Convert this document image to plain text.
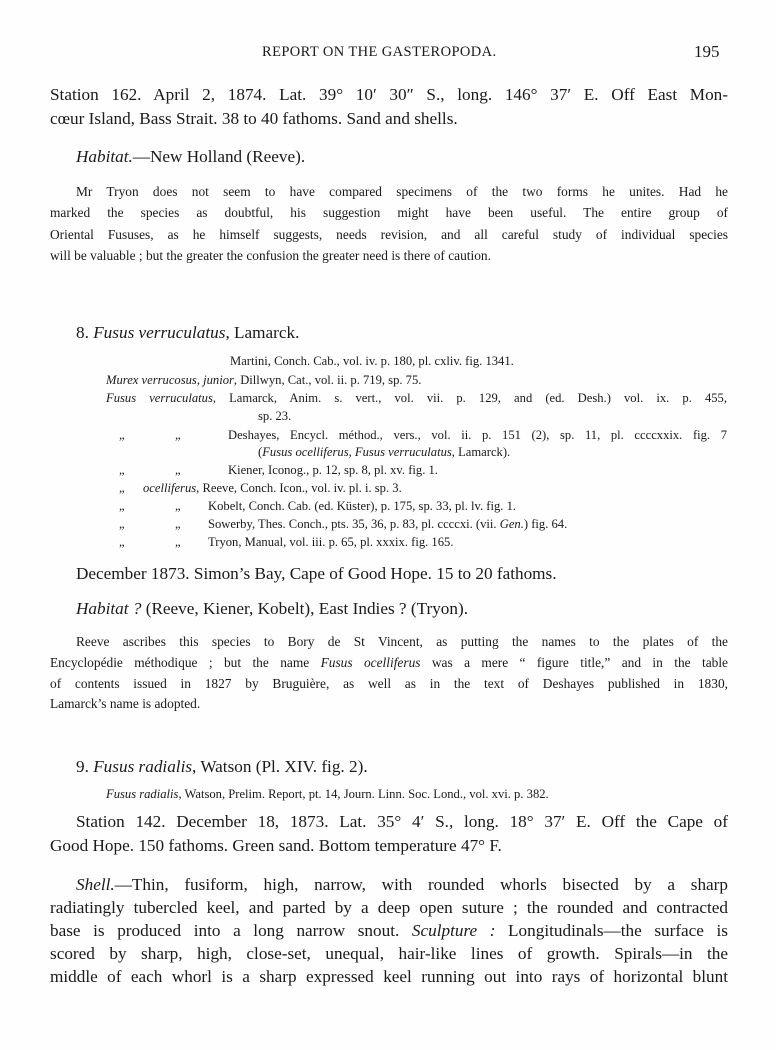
REPORT ON THE GASTEROPODA.	195
Station 162. April 2, 1874. Lat. 39° 10′ 30″ S., long. 146° 37′ E. Off East Mon-
cœur Island, Bass Strait. 38 to 40 fathoms. Sand and shells.
Habitat.—New Holland (Reeve).
Mr Tryon does not seem to have compared specimens of the two forms he unites. Had he
marked the species as doubtful, his suggestion might have been useful. The entire group of
Oriental Fususes, as he himself suggests, needs revision, and all careful study of individual species
will be valuable ; but the greater the confusion the greater need is there of caution.
8. Fusus verruculatus, Lamarck.
Martini, Conch. Cab., vol. iv. p. 180, pl. cxliv. fig. 1341.
Murex verrucosus, junior, Dillwyn, Cat., vol. ii. p. 719, sp. 75.
Fusus verruculatus, Lamarck, Anim. s. vert., vol. vii. p. 129, and (ed. Desh.) vol. ix. p. 455,
sp. 23.
„	„	Deshayes, Encycl. méthod., vers., vol. ii. p. 151 (2), sp. 11, pl. ccccxxix. fig. 7
(Fusus ocelliferus, Fusus verruculatus, Lamarck).
„	„	Kiener, Iconog., p. 12, sp. 8, pl. xv. fig. 1.
„ ocelliferus, Reeve, Conch. Icon., vol. iv. pl. i. sp. 3.
„	„ Kobelt, Conch. Cab. (ed. Küster), p. 175, sp. 33, pl. lv. fig. 1.
„	„ Sowerby, Thes. Conch., pts. 35, 36, p. 83, pl. ccccxi. (vii. Gen.) fig. 64.
„	„ Tryon, Manual, vol. iii. p. 65, pl. xxxix. fig. 165.
December 1873. Simon’s Bay, Cape of Good Hope. 15 to 20 fathoms.
Habitat ? (Reeve, Kiener, Kobelt), East Indies ? (Tryon).
Reeve ascribes this species to Bory de St Vincent, as putting the names to the plates of the
Encyclopédie méthodique ; but the name Fusus ocelliferus was a mere “ figure title,” and in the table
of contents issued in 1827 by Bruguière, as well as in the text of Deshayes published in 1830,
Lamarck’s name is adopted.
9. Fusus radialis, Watson (Pl. XIV. fig. 2).
Fusus radialis, Watson, Prelim. Report, pt. 14, Journ. Linn. Soc. Lond., vol. xvi. p. 382.
Station 142. December 18, 1873. Lat. 35° 4′ S., long. 18° 37′ E. Off the Cape of
Good Hope. 150 fathoms. Green sand. Bottom temperature 47° F.
Shell.—Thin, fusiform, high, narrow, with rounded whorls bisected by a sharp
radiatingly tubercled keel, and parted by a deep open suture ; the rounded and contracted
base is produced into a long narrow snout. Sculpture : Longitudinals—the surface is
scored by sharp, high, close-set, unequal, hair-like lines of growth. Spirals—in the
middle of each whorl is a sharp expressed keel running out into rays of horizontal blunt
